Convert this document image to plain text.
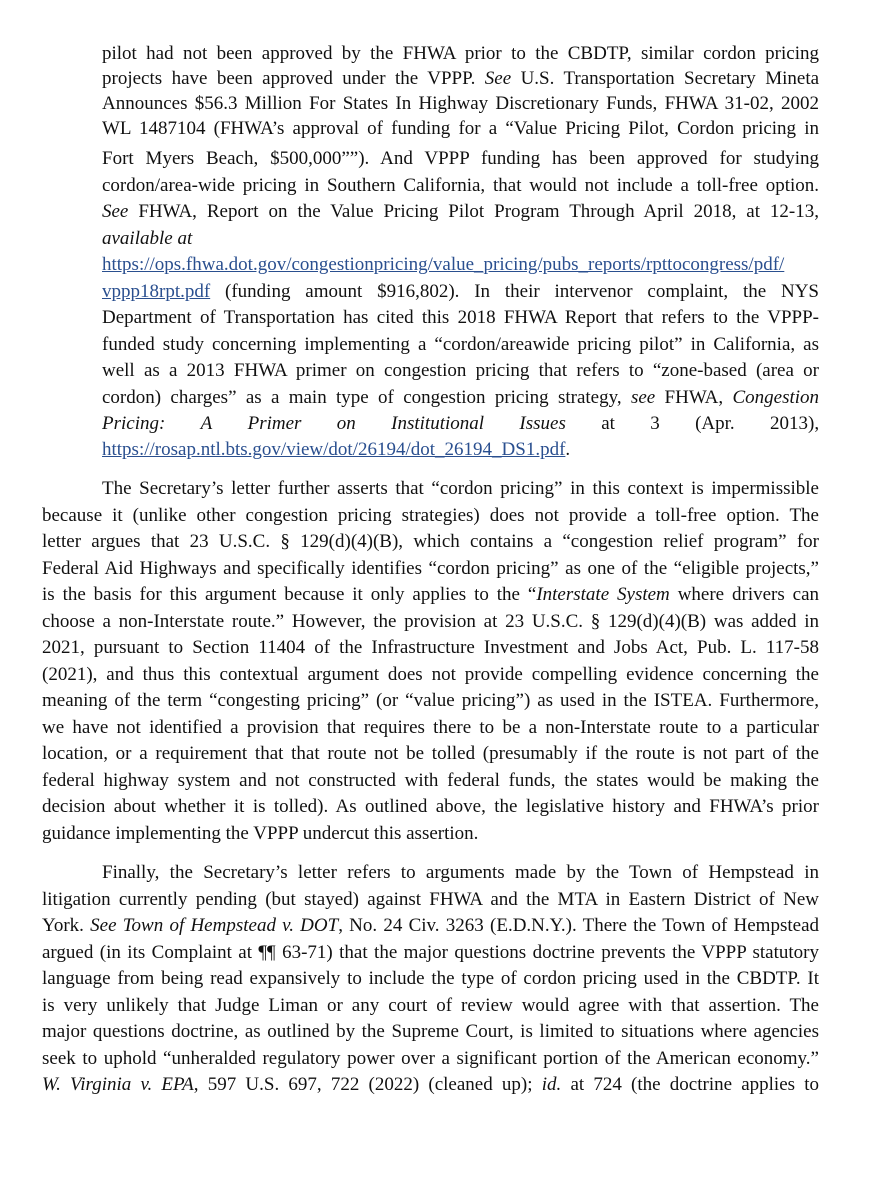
pilot had not been approved by the FHWA prior to the CBDTP, similar cordon pricing
projects have been approved under the VPPP. See U.S. Transportation Secretary Mineta
Announces $56.3 Million For States In Highway Discretionary Funds, FHWA 31-02, 2002
WL 1487104 (FHWA’s approval of funding for a “Value Pricing Pilot, Cordon pricing in
Fort Myers Beach, $500,000””). And VPPP funding has been approved for studying
cordon/area-wide pricing in Southern California, that would not include a toll-free option.
See FHWA, Report on the Value Pricing Pilot Program Through April 2018, at 12-13,
available at
https://ops.fhwa.dot.gov/congestionpricing/value_pricing/pubs_reports/rpttocongress/pdf/
vppp18rpt.pdf (funding amount $916,802). In their intervenor complaint, the NYS
Department of Transportation has cited this 2018 FHWA Report that refers to the VPPP-
funded study concerning implementing a “cordon/areawide pricing pilot” in California, as
well as a 2013 FHWA primer on congestion pricing that refers to “zone-based (area or
cordon) charges” as a main type of congestion pricing strategy, see FHWA, Congestion
Pricing: A Primer on Institutional Issues at 3 (Apr. 2013),
https://rosap.ntl.bts.gov/view/dot/26194/dot_26194_DS1.pdf.
The Secretary’s letter further asserts that “cordon pricing” in this context is impermissible
because it (unlike other congestion pricing strategies) does not provide a toll-free option. The
letter argues that 23 U.S.C. § 129(d)(4)(B), which contains a “congestion relief program” for
Federal Aid Highways and specifically identifies “cordon pricing” as one of the “eligible projects,”
is the basis for this argument because it only applies to the “Interstate System where drivers can
choose a non-Interstate route.” However, the provision at 23 U.S.C. § 129(d)(4)(B) was added in
2021, pursuant to Section 11404 of the Infrastructure Investment and Jobs Act, Pub. L. 117-58
(2021), and thus this contextual argument does not provide compelling evidence concerning the
meaning of the term “congesting pricing” (or “value pricing”) as used in the ISTEA. Furthermore,
we have not identified a provision that requires there to be a non-Interstate route to a particular
location, or a requirement that that route not be tolled (presumably if the route is not part of the
federal highway system and not constructed with federal funds, the states would be making the
decision about whether it is tolled). As outlined above, the legislative history and FHWA’s prior
guidance implementing the VPPP undercut this assertion.
Finally, the Secretary’s letter refers to arguments made by the Town of Hempstead in
litigation currently pending (but stayed) against FHWA and the MTA in Eastern District of New
York. See Town of Hempstead v. DOT, No. 24 Civ. 3263 (E.D.N.Y.). There the Town of Hempstead
argued (in its Complaint at ¶¶ 63-71) that the major questions doctrine prevents the VPPP statutory
language from being read expansively to include the type of cordon pricing used in the CBDTP. It
is very unlikely that Judge Liman or any court of review would agree with that assertion. The
major questions doctrine, as outlined by the Supreme Court, is limited to situations where agencies
seek to uphold “unheralded regulatory power over a significant portion of the American economy.”
W. Virginia v. EPA, 597 U.S. 697, 722 (2022) (cleaned up); id. at 724 (the doctrine applies to
